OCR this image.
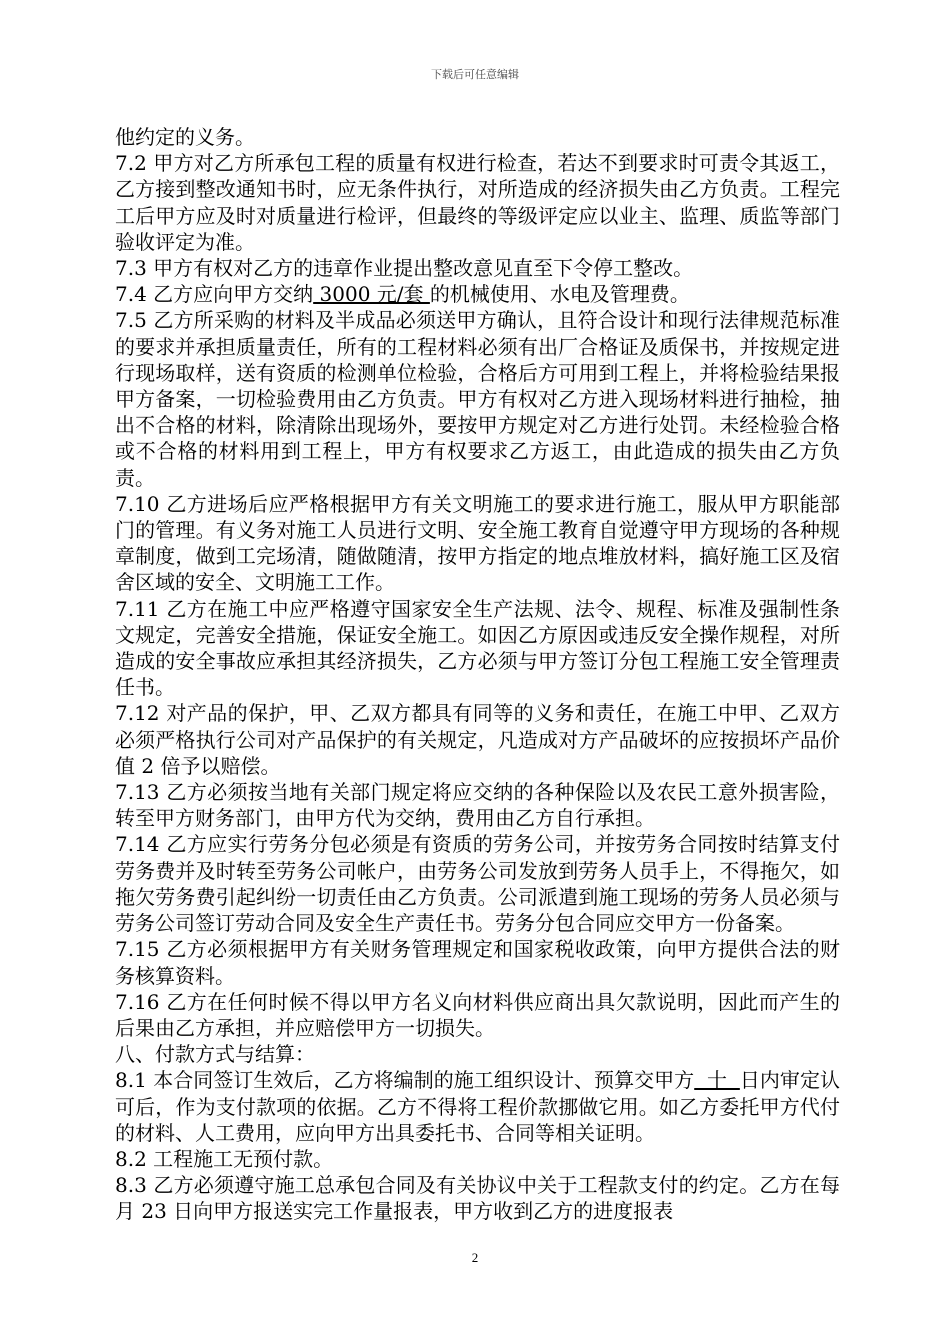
下载后可任意编辑

他约定的义务。

7.2 甲方对乙方所承包工程的质量有权进行检查，若达不到要求时可责令其返工，乙方接到整改通知书时，应无条件执行，对所造成的经济损失由乙方负责。工程完工后甲方应及时对质量进行检评，但最终的等级评定应以业主、监理、质监等部门验收评定为准。

7.3 甲方有权对乙方的违章作业提出整改意见直至下令停工整改。

7.4 乙方应向甲方交纳 3000 元/套 的机械使用、水电及管理费。

7.5 乙方所采购的材料及半成品必须送甲方确认，且符合设计和现行法律规范标准的要求并承担质量责任，所有的工程材料必须有出厂合格证及质保书，并按规定进行现场取样，送有资质的检测单位检验，合格后方可用到工程上，并将检验结果报甲方备案，一切检验费用由乙方负责。甲方有权对乙方进入现场材料进行抽检，抽出不合格的材料，除清除出现场外，要按甲方规定对乙方进行处罚。未经检验合格或不合格的材料用到工程上，甲方有权要求乙方返工，由此造成的损失由乙方负责。

7.10 乙方进场后应严格根据甲方有关文明施工的要求进行施工，服从甲方职能部门的管理。有义务对施工人员进行文明、安全施工教育自觉遵守甲方现场的各种规章制度，做到工完场清，随做随清，按甲方指定的地点堆放材料，搞好施工区及宿舍区域的安全、文明施工工作。

7.11 乙方在施工中应严格遵守国家安全生产法规、法令、规程、标准及强制性条文规定，完善安全措施，保证安全施工。如因乙方原因或违反安全操作规程，对所造成的安全事故应承担其经济损失，乙方必须与甲方签订分包工程施工安全管理责任书。

7.12 对产品的保护，甲、乙双方都具有同等的义务和责任，在施工中甲、乙双方必须严格执行公司对产品保护的有关规定，凡造成对方产品破坏的应按损坏产品价值 2 倍予以赔偿。

7.13 乙方必须按当地有关部门规定将应交纳的各种保险以及农民工意外损害险，转至甲方财务部门，由甲方代为交纳，费用由乙方自行承担。

7.14 乙方应实行劳务分包必须是有资质的劳务公司，并按劳务合同按时结算支付劳务费并及时转至劳务公司帐户，由劳务公司发放到劳务人员手上，不得拖欠，如拖欠劳务费引起纠纷一切责任由乙方负责。公司派遣到施工现场的劳务人员必须与劳务公司签订劳动合同及安全生产责任书。劳务分包合同应交甲方一份备案。

7.15 乙方必须根据甲方有关财务管理规定和国家税收政策，向甲方提供合法的财务核算资料。

7.16 乙方在任何时候不得以甲方名义向材料供应商出具欠款说明，因此而产生的后果由乙方承担，并应赔偿甲方一切损失。

八、付款方式与结算：

8.1 本合同签订生效后，乙方将编制的施工组织设计、预算交甲方  十  日内审定认可后，作为支付款项的依据。乙方不得将工程价款挪做它用。如乙方委托甲方代付的材料、人工费用，应向甲方出具委托书、合同等相关证明。

8.2 工程施工无预付款。

8.3 乙方必须遵守施工总承包合同及有关协议中关于工程款支付的约定。乙方在每月 23 日向甲方报送实完工作量报表，甲方收到乙方的进度报表

2
